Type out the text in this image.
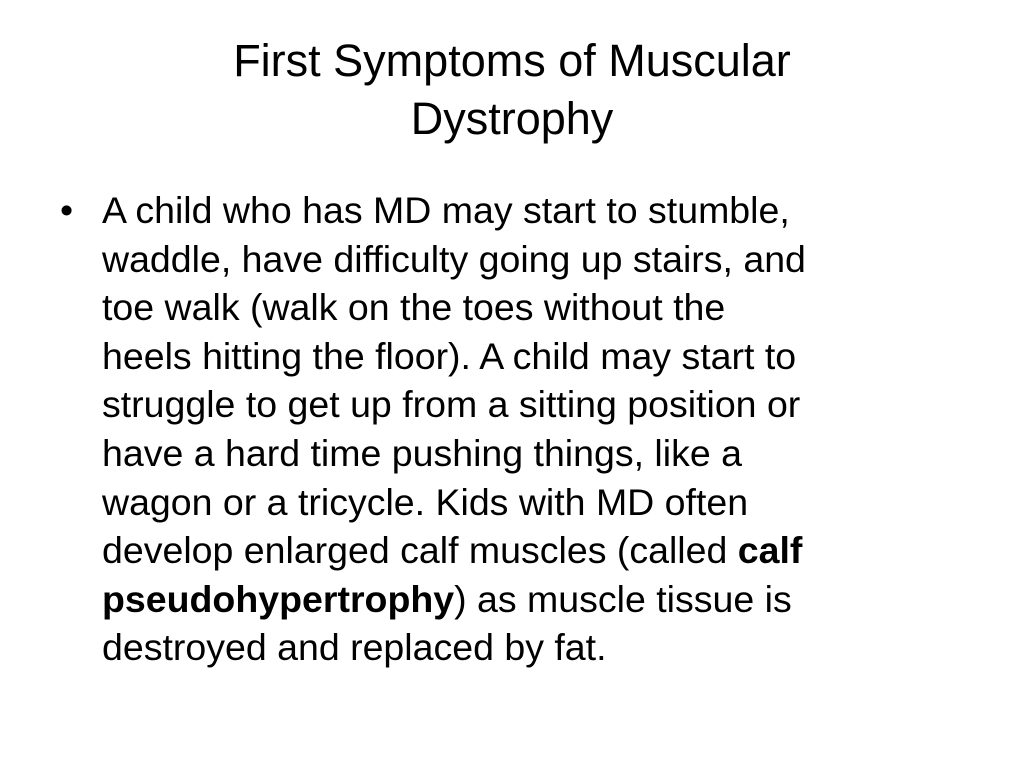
First Symptoms of Muscular
Dystrophy
• A child who has MD may start to stumble,
waddle, have difficulty going up stairs, and
toe walk (walk on the toes without the
heels hitting the floor). A child may start to
struggle to get up from a sitting position or
have a hard time pushing things, like a
wagon or a tricycle. Kids with MD often
develop enlarged calf muscles (called calf
pseudohypertrophy) as muscle tissue is
destroyed and replaced by fat.
